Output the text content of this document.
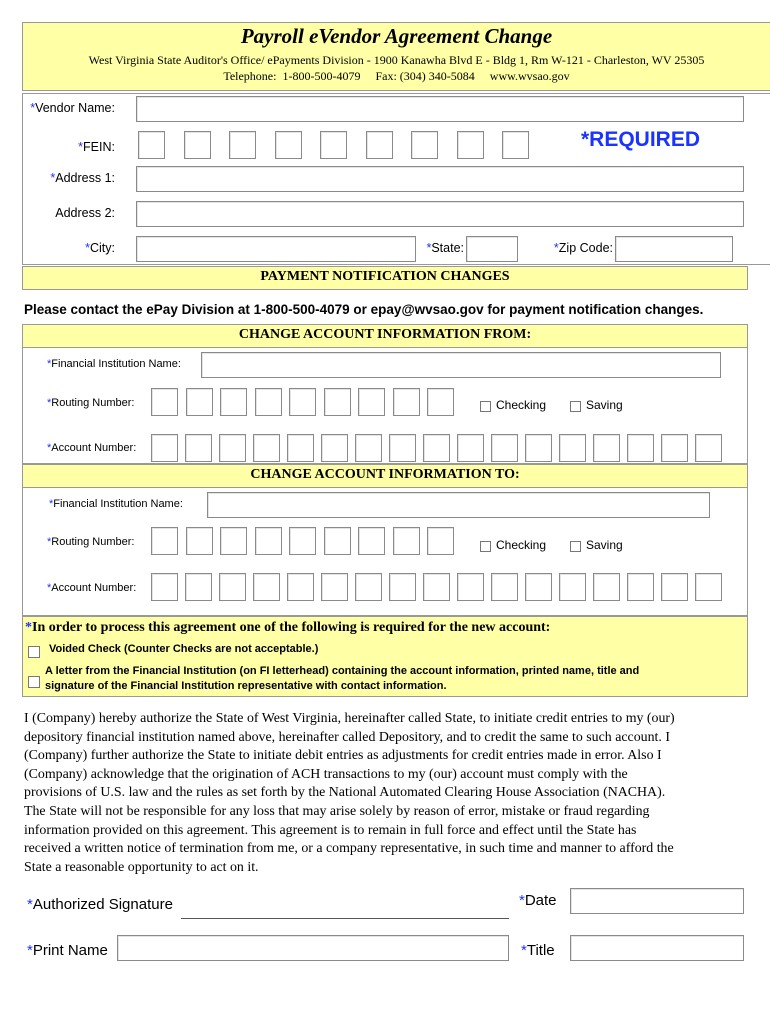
Payroll eVendor Agreement Change
West Virginia State Auditor's Office/ ePayments Division - 1900 Kanawha Blvd E - Bldg 1, Rm W-121 - Charleston, WV 25305
Telephone:  1-800-500-4079     Fax: (304) 340-5084     www.wvsao.gov
*Vendor Name:
*FEIN:	*REQUIRED
*Address 1:
Address 2:
*City:	*State:	*Zip Code:
PAYMENT NOTIFICATION CHANGES
Please contact the ePay Division at 1-800-500-4079 or epay@wvsao.gov for payment notification changes.
CHANGE ACCOUNT INFORMATION FROM:
*Financial Institution Name:
*Routing Number:	Checking	Saving
*Account Number:
CHANGE ACCOUNT INFORMATION TO:
*Financial Institution Name:
*Routing Number:	Checking	Saving
*Account Number:
*In order to process this agreement one of the following is required for the new account:
Voided Check (Counter Checks are not acceptable.)
A letter from the Financial Institution (on FI letterhead) containing the account information, printed name, title and
signature of the Financial Institution representative with contact information.
I (Company) hereby authorize the State of West Virginia, hereinafter called State, to initiate credit entries to my (our)
depository financial institution named above, hereinafter called Depository, and to credit the same to such account. I
(Company) further authorize the State to initiate debit entries as adjustments for credit entries made in error. Also I
(Company) acknowledge that the origination of ACH transactions to my (our) account must comply with the
provisions of U.S. law and the rules as set forth by the National Automated Clearing House Association (NACHA).
The State will not be responsible for any loss that may arise solely by reason of error, mistake or fraud regarding
information provided on this agreement. This agreement is to remain in full force and effect until the State has
received a written notice of termination from me, or a company representative, in such time and manner to afford the
State a reasonable opportunity to act on it.
*Authorized Signature	*Date
*Print Name	*Title
